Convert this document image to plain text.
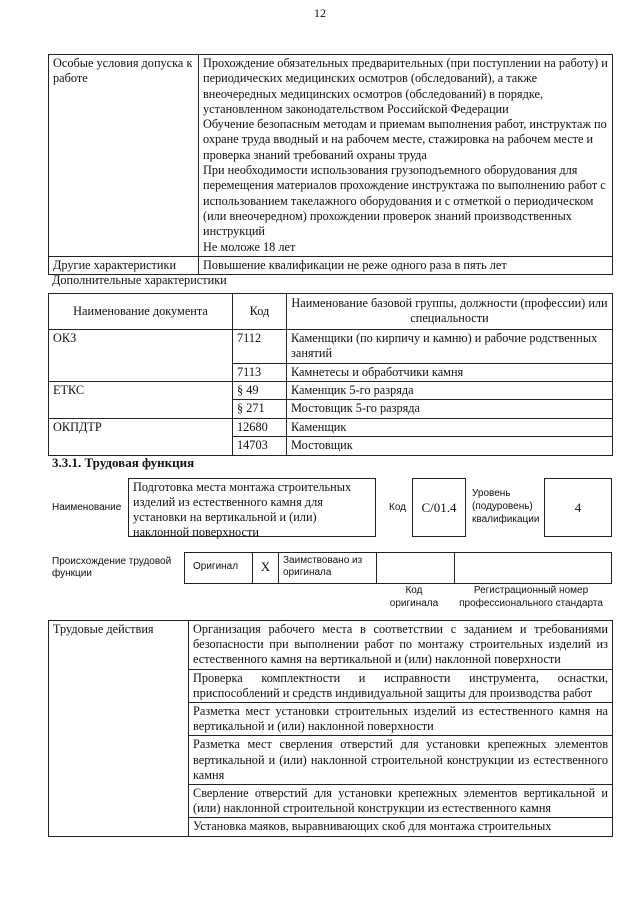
12
Особые условия допуска к работе	Прохождение обязательных предварительных (при поступлении на работу) и периодических медицинских осмотров (обследований), а также внеочередных медицинских осмотров (обследований) в порядке, установленном законодательством Российской Федерации
Обучение безопасным методам и приемам выполнения работ, инструктаж по охране труда вводный и на рабочем месте, стажировка на рабочем месте и проверка знаний требований охраны труда
При необходимости использования грузоподъемного оборудования для перемещения материалов прохождение инструктажа по выполнению работ с использованием такелажного оборудования и с отметкой о периодическом (или внеочередном) прохождении проверок знаний производственных инструкций
Не моложе 18 лет

Другие характеристики	Повышение квалификации не реже одного раза в пять лет
Дополнительные характеристики
Наименование документа	Код	Наименование базовой группы, должности (профессии) или специальности
ОКЗ	7112	Каменщики (по кирпичу и камню) и рабочие родственных занятий
	7113	Камнетесы и обработчики камня
ЕТКС	§ 49	Каменщик 5-го разряда
	§ 271	Мостовщик 5-го разряда
ОКПДТР	12680	Каменщик
	14703	Мостовщик
3.3.1. Трудовая функция
Наименование
Подготовка места монтажа строительных изделий из естественного камня для установки на вертикальной и (или) наклонной поверхности
Код	C/01.4
Уровень (подуровень) квалификации
4
Происхождение трудовой функции
Оригинал	X	Заимствовано из оригинала
Код оригинала
Регистрационный номер профессионального стандарта
Трудовые действия	Организация рабочего места в соответствии с заданием и требованиями безопасности при выполнении работ по монтажу строительных изделий из естественного камня на вертикальной и (или) наклонной поверхности
Проверка комплектности и исправности инструмента, оснастки, приспособлений и средств индивидуальной защиты для производства работ
Разметка мест установки строительных изделий из естественного камня на вертикальной и (или) наклонной поверхности
Разметка мест сверления отверстий для установки крепежных элементов вертикальной и (или) наклонной строительной конструкции из естественного камня
Сверление отверстий для установки крепежных элементов вертикальной и (или) наклонной строительной конструкции из естественного камня
Установка маяков, выравнивающих скоб для монтажа строительных
